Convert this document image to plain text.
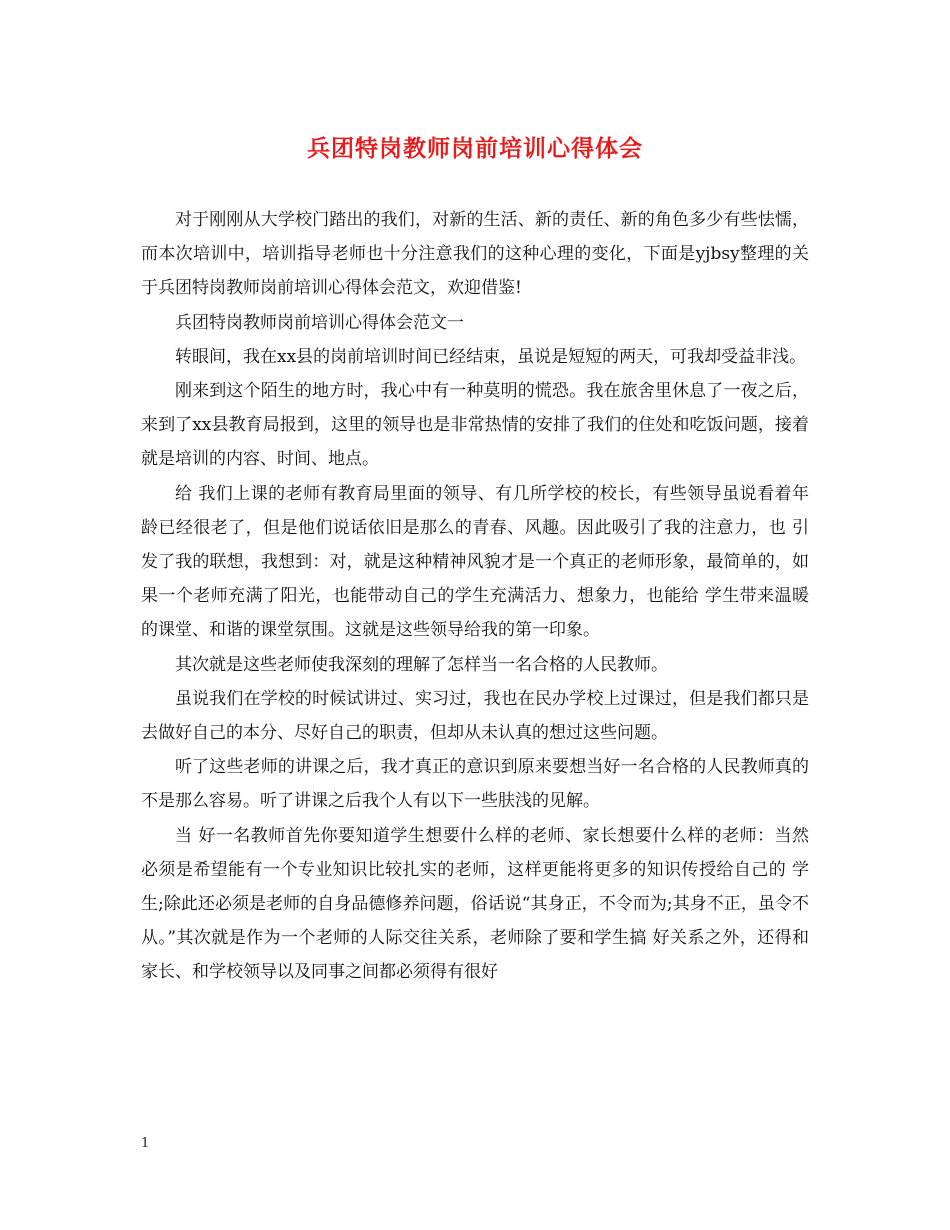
兵团特岗教师岗前培训心得体会

对于刚刚从大学校门踏出的我们，对新的生活、新的责任、新的角色多少有些怯懦，而本次培训中，培训指导老师也十分注意我们的这种心理的变化，下面是yjbsy整理的关于兵团特岗教师岗前培训心得体会范文，欢迎借鉴!

兵团特岗教师岗前培训心得体会范文一

转眼间，我在xx县的岗前培训时间已经结束，虽说是短短的两天，可我却受益非浅。

刚来到这个陌生的地方时，我心中有一种莫明的慌恐。我在旅舍里休息了一夜之后，来到了xx县教育局报到，这里的领导也是非常热情的安排了我们的住处和吃饭问题，接着就是培训的内容、时间、地点。

给 我们上课的老师有教育局里面的领导、有几所学校的校长，有些领导虽说看着年龄已经很老了，但是他们说话依旧是那么的青春、风趣。因此吸引了我的注意力，也 引发了我的联想，我想到：对，就是这种精神风貌才是一个真正的老师形象，最简单的，如果一个老师充满了阳光，也能带动自己的学生充满活力、想象力，也能给 学生带来温暖的课堂、和谐的课堂氛围。这就是这些领导给我的第一印象。

其次就是这些老师使我深刻的理解了怎样当一名合格的人民教师。

虽说我们在学校的时候试讲过、实习过，我也在民办学校上过课过，但是我们都只是去做好自己的本分、尽好自己的职责，但却从未认真的想过这些问题。

听了这些老师的讲课之后，我才真正的意识到原来要想当好一名合格的人民教师真的不是那么容易。听了讲课之后我个人有以下一些肤浅的见解。

当 好一名教师首先你要知道学生想要什么样的老师、家长想要什么样的老师：当然必须是希望能有一个专业知识比较扎实的老师，这样更能将更多的知识传授给自己的 学生;除此还必须是老师的自身品德修养问题，俗话说“其身正，不令而为;其身不正，虽令不从。”其次就是作为一个老师的人际交往关系，老师除了要和学生搞 好关系之外，还得和家长、和学校领导以及同事之间都必须得有很好

1
